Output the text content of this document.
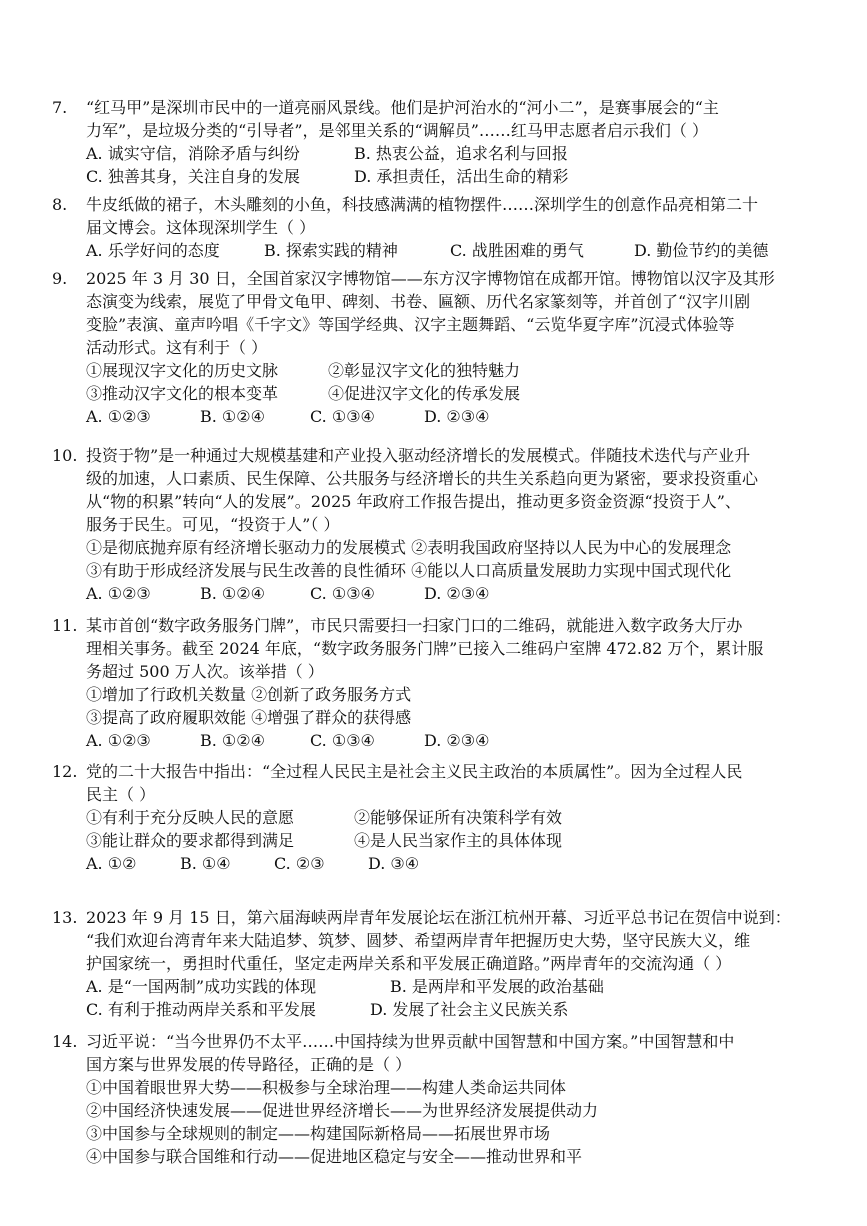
7. “红马甲”是深圳市民中的一道亮丽风景线。他们是护河治水的“河小二”，是赛事展会的“主
力军”，是垃圾分类的“引导者”，是邻里关系的“调解员”……红马甲志愿者启示我们（ ）
A. 诚实守信，消除矛盾与纠纷	B. 热衷公益，追求名利与回报
C. 独善其身，关注自身的发展	D. 承担责任，活出生命的精彩
8. 牛皮纸做的裙子，木头雕刻的小鱼，科技感满满的植物摆件……深圳学生的创意作品亮相第二十
届文博会。这体现深圳学生（ ）
A. 乐学好问的态度	B. 探索实践的精神	C. 战胜困难的勇气	D. 勤俭节约的美德
9. 2025 年 3 月 30 日，全国首家汉字博物馆——东方汉字博物馆在成都开馆。博物馆以汉字及其形
态演变为线索，展览了甲骨文龟甲、碑刻、书卷、匾额、历代名家篆刻等，并首创了“汉字川剧
变脸”表演、童声吟唱《千字文》等国学经典、汉字主题舞蹈、“云览华夏字库”沉浸式体验等
活动形式。这有利于（ ）
①展现汉字文化的历史文脉	②彰显汉字文化的独特魅力
③推动汉字文化的根本变革	④促进汉字文化的传承发展
A. ①②③	B. ①②④	C. ①③④	D. ②③④
10. 投资于物”是一种通过大规模基建和产业投入驱动经济增长的发展模式。伴随技术迭代与产业升
级的加速，人口素质、民生保障、公共服务与经济增长的共生关系趋向更为紧密，要求投资重心
从“物的积累”转向“人的发展”。2025 年政府工作报告提出，推动更多资金资源“投资于人”、
服务于民生。可见，“投资于人”（ ）
①是彻底抛弃原有经济增长驱动力的发展模式 ②表明我国政府坚持以人民为中心的发展理念
③有助于形成经济发展与民生改善的良性循环 ④能以人口高质量发展助力实现中国式现代化
A. ①②③	B. ①②④	C. ①③④	D. ②③④
11. 某市首创“数字政务服务门牌”，市民只需要扫一扫家门口的二维码，就能进入数字政务大厅办
理相关事务。截至 2024 年底，“数字政务服务门牌”已接入二维码户室牌 472.82 万个，累计服
务超过 500 万人次。该举措（ ）
①增加了行政机关数量 ②创新了政务服务方式
③提高了政府履职效能 ④增强了群众的获得感
A. ①②③	B. ①②④	C. ①③④	D. ②③④
12. 党的二十大报告中指出：“全过程人民民主是社会主义民主政治的本质属性”。因为全过程人民
民主（ ）
①有利于充分反映人民的意愿	②能够保证所有决策科学有效
③能让群众的要求都得到满足	④是人民当家作主的具体体现
A. ①②	B. ①④	C. ②③	D. ③④
13. 2023 年 9 月 15 日，第六届海峡两岸青年发展论坛在浙江杭州开幕、习近平总书记在贺信中说到：
“我们欢迎台湾青年来大陆追梦、筑梦、圆梦、希望两岸青年把握历史大势，坚守民族大义，维
护国家统一，勇担时代重任，坚定走两岸关系和平发展正确道路。”两岸青年的交流沟通（ ）
A. 是“一国两制”成功实践的体现	B. 是两岸和平发展的政治基础
C. 有利于推动两岸关系和平发展	D. 发展了社会主义民族关系
14. 习近平说：“当今世界仍不太平……中国持续为世界贡献中国智慧和中国方案。”中国智慧和中
国方案与世界发展的传导路径，正确的是（ ）
①中国着眼世界大势——积极参与全球治理——构建人类命运共同体
②中国经济快速发展——促进世界经济增长——为世界经济发展提供动力
③中国参与全球规则的制定——构建国际新格局——拓展世界市场
④中国参与联合国维和行动——促进地区稳定与安全——推动世界和平
